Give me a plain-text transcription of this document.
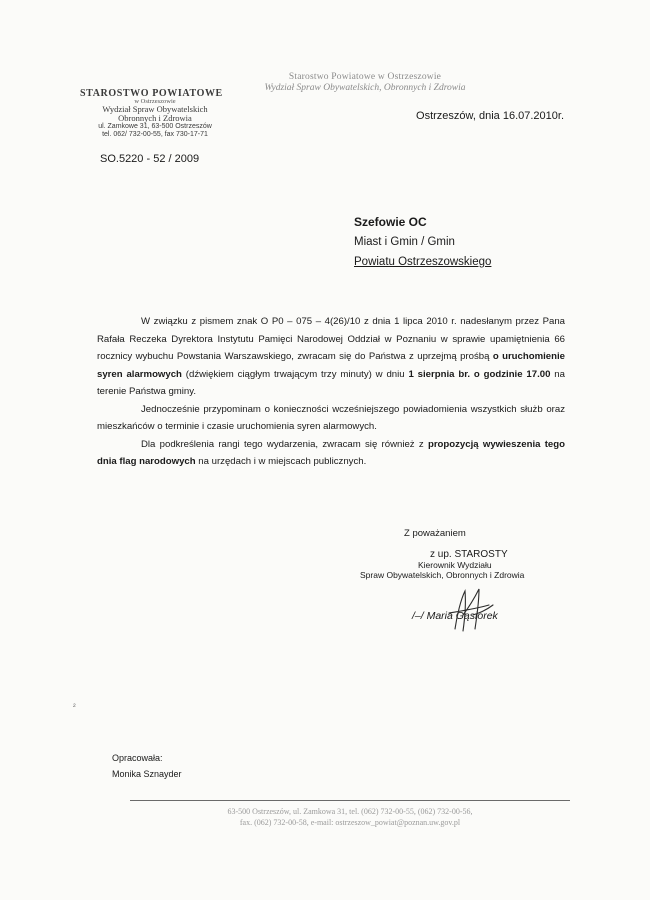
Starostwo Powiatowe w Ostrzeszowie
Wydział Spraw Obywatelskich, Obronnych i Zdrowia
STAROSTWO POWIATOWE
w Ostrzeszowie
Wydział Spraw Obywatelskich
Obronnych i Zdrowia
ul. Zamkowe 31, 63-500 Ostrzeszów
tel. 062/ 732-00-55, fax 730-17-71
Ostrzeszów, dnia 16.07.2010r.
SO.5220 - 52 / 2009
Szefowie OC
Miast i Gmin / Gmin
Powiatu Ostrzeszowskiego

W związku z pismem znak O P0 – 075 – 4(26)/10 z dnia 1 lipca 2010 r. nadesłanym przez Pana Rafała Reczeka Dyrektora Instytutu Pamięci Narodowej Oddział w Poznaniu w sprawie upamiętnienia 66 rocznicy wybuchu Powstania Warszawskiego, zwracam się do Państwa z uprzejmą prośbą o uruchomienie syren alarmowych (dźwiękiem ciągłym trwającym trzy minuty) w dniu 1 sierpnia br. o godzinie 17.00 na terenie Państwa gminy.

Jednocześnie przypominam o konieczności wcześniejszego powiadomienia wszystkich służb oraz mieszkańców o terminie i czasie uruchomienia syren alarmowych.

Dla podkreślenia rangi tego wydarzenia, zwracam się również z propozycją wywieszenia tego dnia flag narodowych na urzędach i w miejscach publicznych.

Z poważaniem
z up. STAROSTY
Kierownik Wydziału
Spraw Obywatelskich, Obronnych i Zdrowia
/–/ Maria Gąsiorek
²
Opracowała:
Monika Sznayder
63-500 Ostrzeszów, ul. Zamkowa 31, tel. (062) 732-00-55, (062) 732-00-56,
fax. (062) 732-00-58, e-mail: ostrzeszow_powiat@poznan.uw.gov.pl
